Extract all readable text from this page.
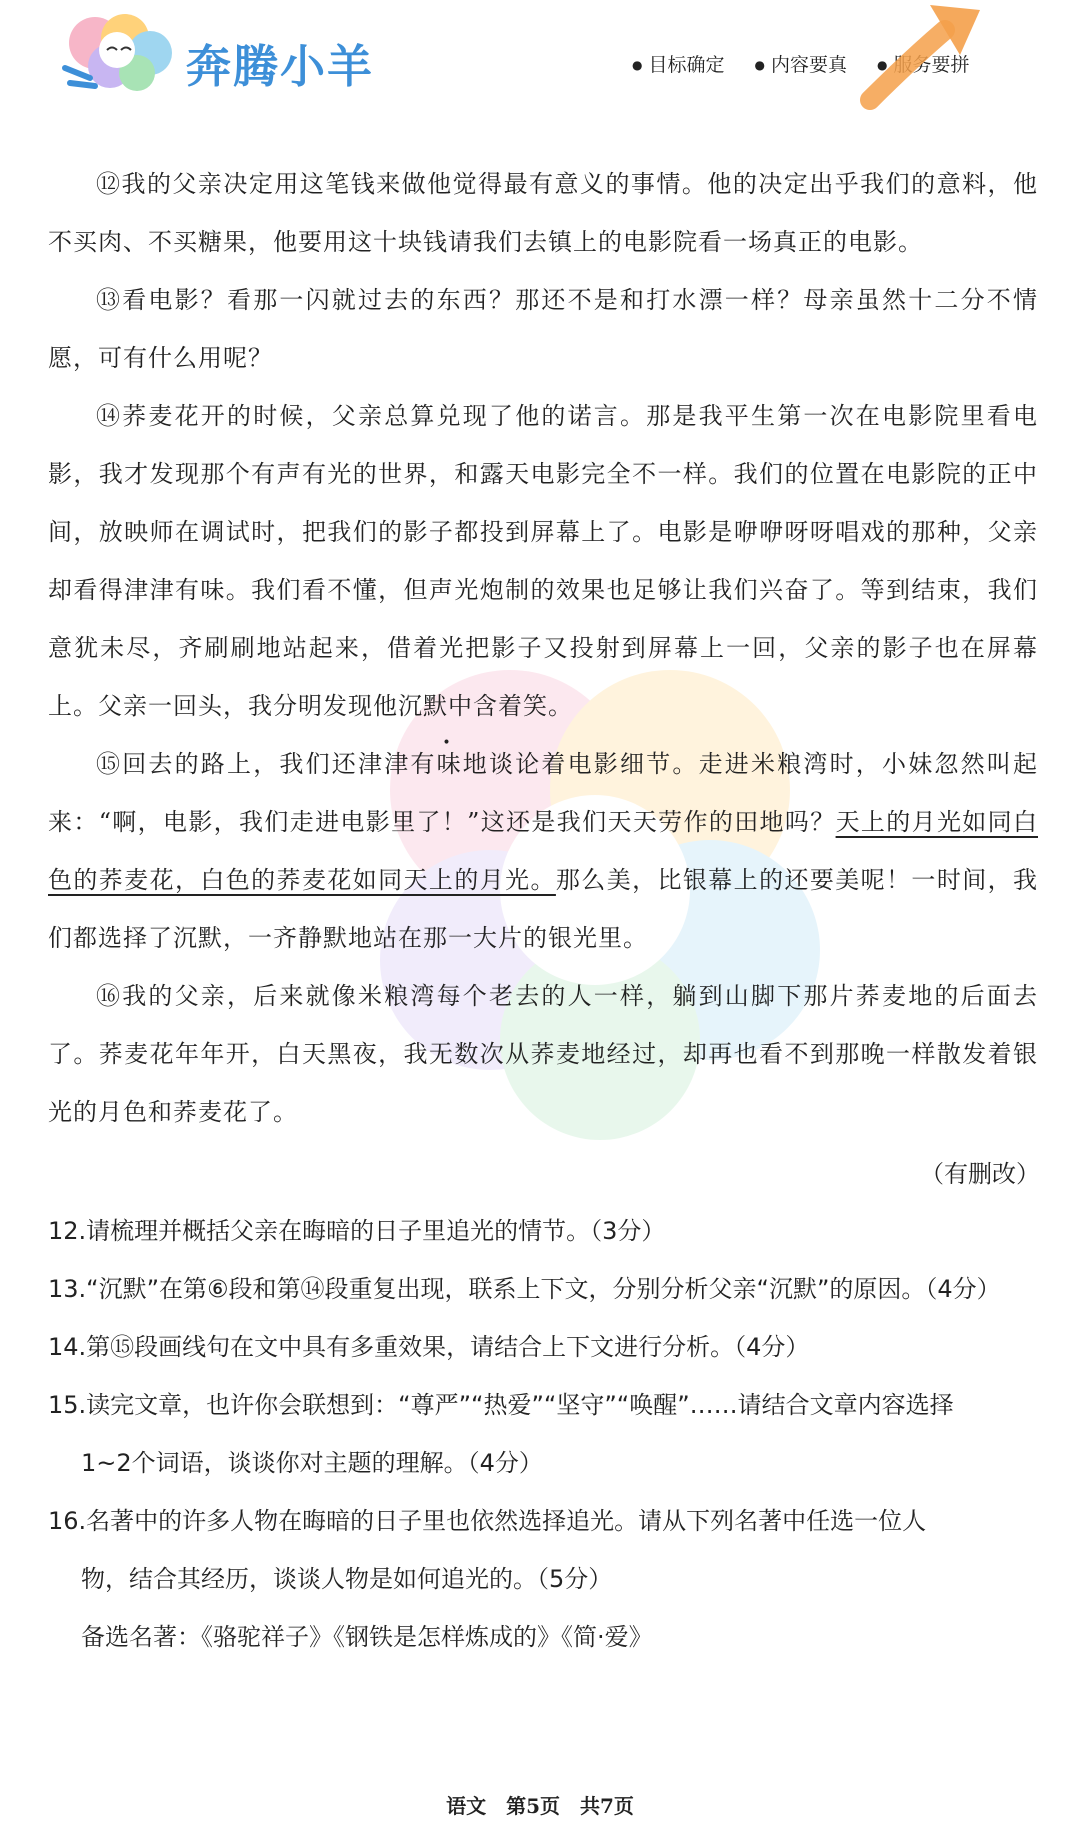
奔腾小羊	● 目标确定	● 内容要真	● 服务要拼

⑫我的父亲决定用这笔钱来做他觉得最有意义的事情。他的决定出乎我们的意料，他不买肉、不买糖果，他要用这十块钱请我们去镇上的电影院看一场真正的电影。

⑬看电影？看那一闪就过去的东西？那还不是和打水漂一样？母亲虽然十二分不情愿，可有什么用呢？

⑭荞麦花开的时候，父亲总算兑现了他的诺言。那是我平生第一次在电影院里看电影，我才发现那个有声有光的世界，和露天电影完全不一样。我们的位置在电影院的正中间，放映师在调试时，把我们的影子都投到屏幕上了。电影是咿咿呀呀唱戏的那种，父亲却看得津津有味。我们看不懂，但声光炮制的效果也足够让我们兴奋了。等到结束，我们意犹未尽，齐刷刷地站起来，借着光把影子又投射到屏幕上一回，父亲的影子也在屏幕上。父亲一回头，我分明发现他沉默中含着笑。

⑮回去的路上，我们还津津有味地谈论着电影细节。走进米粮湾时，小妹忽然叫起来：“啊，电影，我们走进电影里了！”这还是我们天天劳作的田地吗？天上的月光如同白色的荞麦花，白色的荞麦花如同天上的月光。那么美，比银幕上的还要美呢！一时间，我们都选择了沉默，一齐静默地站在那一大片的银光里。

⑯我的父亲，后来就像米粮湾每个老去的人一样，躺到山脚下那片荞麦地的后面去了。荞麦花年年开，白天黑夜，我无数次从荞麦地经过，却再也看不到那晚一样散发着银光的月色和荞麦花了。

（有删改）

12.请梳理并概括父亲在晦暗的日子里追光的情节。（3分）

13.“沉默”在第⑥段和第⑭段重复出现，联系上下文，分别分析父亲“沉默”的原因。（4分）

14.第⑮段画线句在文中具有多重效果，请结合上下文进行分析。（4分）

15.读完文章，也许你会联想到：“尊严”“热爱”“坚守”“唤醒”……请结合文章内容选择
1~2个词语，谈谈你对主题的理解。（4分）

16.名著中的许多人物在晦暗的日子里也依然选择追光。请从下列名著中任选一位人
物，结合其经历，谈谈人物是如何追光的。（5分）

备选名著：《骆驼祥子》《钢铁是怎样炼成的》《简·爱》

语文　第5页　共7页
